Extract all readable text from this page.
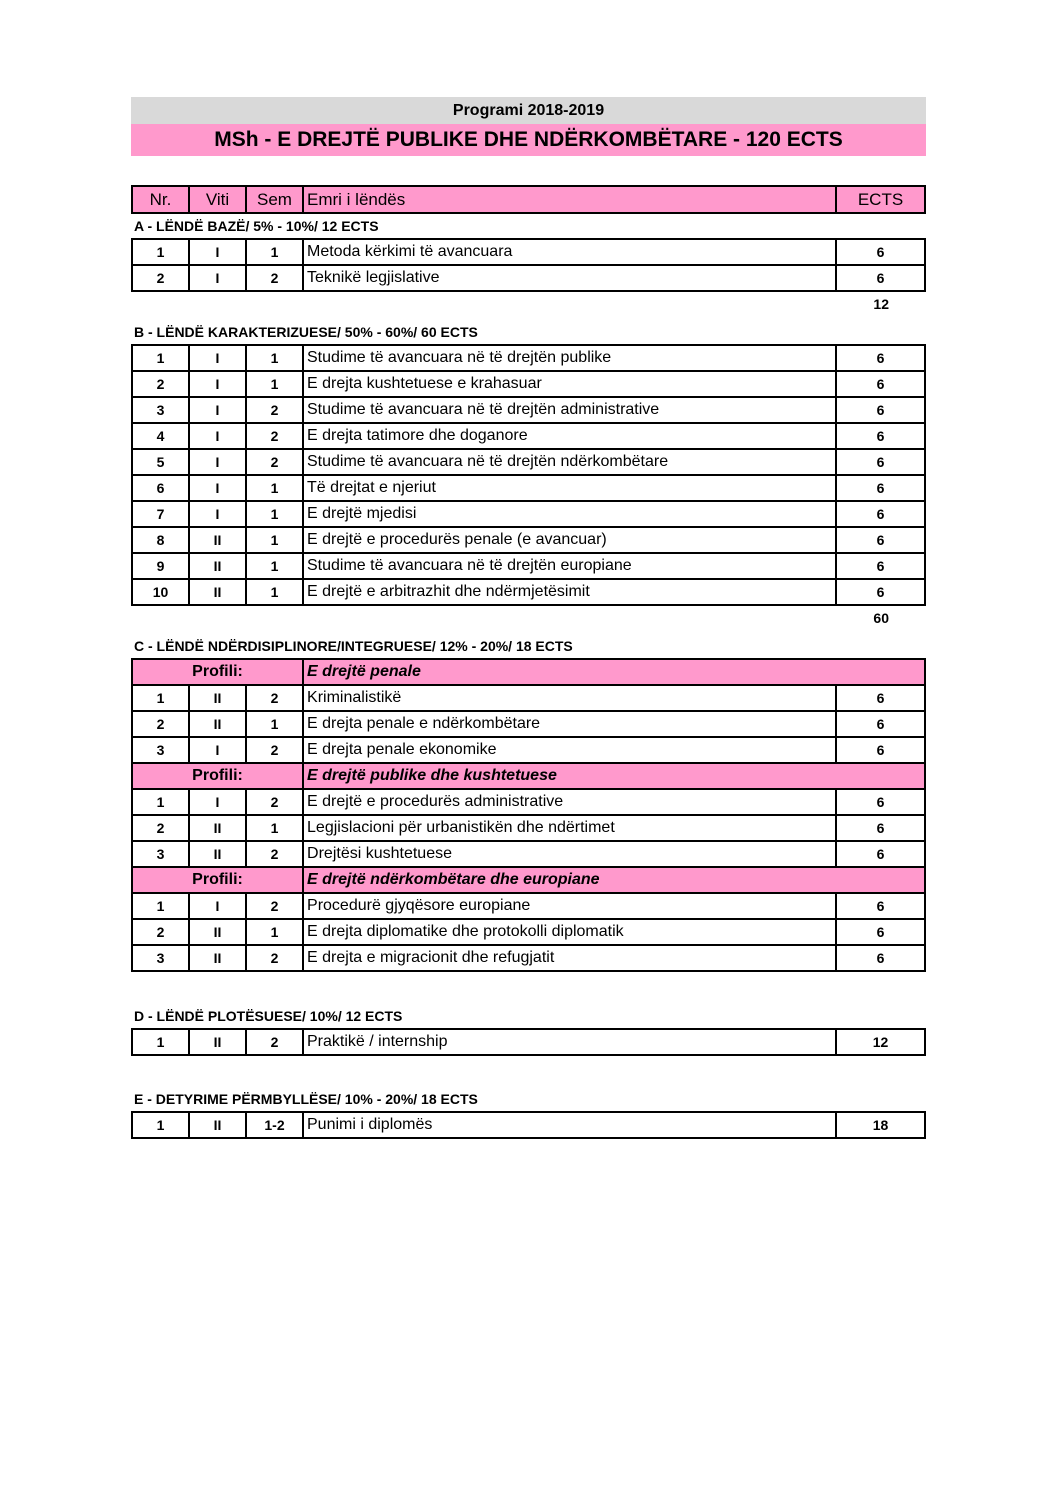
Programi 2018-2019
MSh - E DREJTË PUBLIKE DHE NDËRKOMBËTARE - 120 ECTS
Nr.	Viti	Sem	Emri i lëndës	ECTS
A - LËNDË BAZË/ 5% - 10%/ 12 ECTS
1	I	1	Metoda kërkimi të avancuara	6
2	I	2	Teknikë legjislative	6
12
B - LËNDË KARAKTERIZUESE/ 50% - 60%/ 60 ECTS
1	I	1	Studime të avancuara në të drejtën publike	6
2	I	1	E drejta kushtetuese e krahasuar	6
3	I	2	Studime të avancuara në të drejtën administrative	6
4	I	2	E drejta tatimore dhe doganore	6
5	I	2	Studime të avancuara në të drejtën ndërkombëtare	6
6	I	1	Të drejtat e njeriut	6
7	I	1	E drejtë mjedisi	6
8	II	1	E drejtë e procedurës penale (e avancuar)	6
9	II	1	Studime të avancuara në të drejtën europiane	6
10	II	1	E drejtë e arbitrazhit dhe ndërmjetësimit	6
60
C - LËNDË NDËRDISIPLINORE/INTEGRUESE/ 12% - 20%/ 18 ECTS
Profili:			E drejtë penale	
1	II	2	Kriminalistikë	6
2	II	1	E drejta penale e ndërkombëtare	6
3	I	2	E drejta penale ekonomike	6
Profili:			E drejtë publike dhe kushtetuese	
1	I	2	E drejtë e procedurës administrative	6
2	II	1	Legjislacioni për urbanistikën dhe ndërtimet	6
3	II	2	Drejtësi kushtetuese	6
Profili:			E drejtë ndërkombëtare dhe europiane	
1	I	2	Procedurë gjyqësore europiane	6
2	II	1	E drejta diplomatike dhe protokolli diplomatik	6
3	II	2	E drejta e migracionit dhe refugjatit	6
D - LËNDË PLOTËSUESE/ 10%/ 12 ECTS
1	II	2	Praktikë / internship	12
E - DETYRIME PËRMBYLLËSE/ 10% - 20%/ 18 ECTS
1	II	1-2	Punimi i diplomës	18
